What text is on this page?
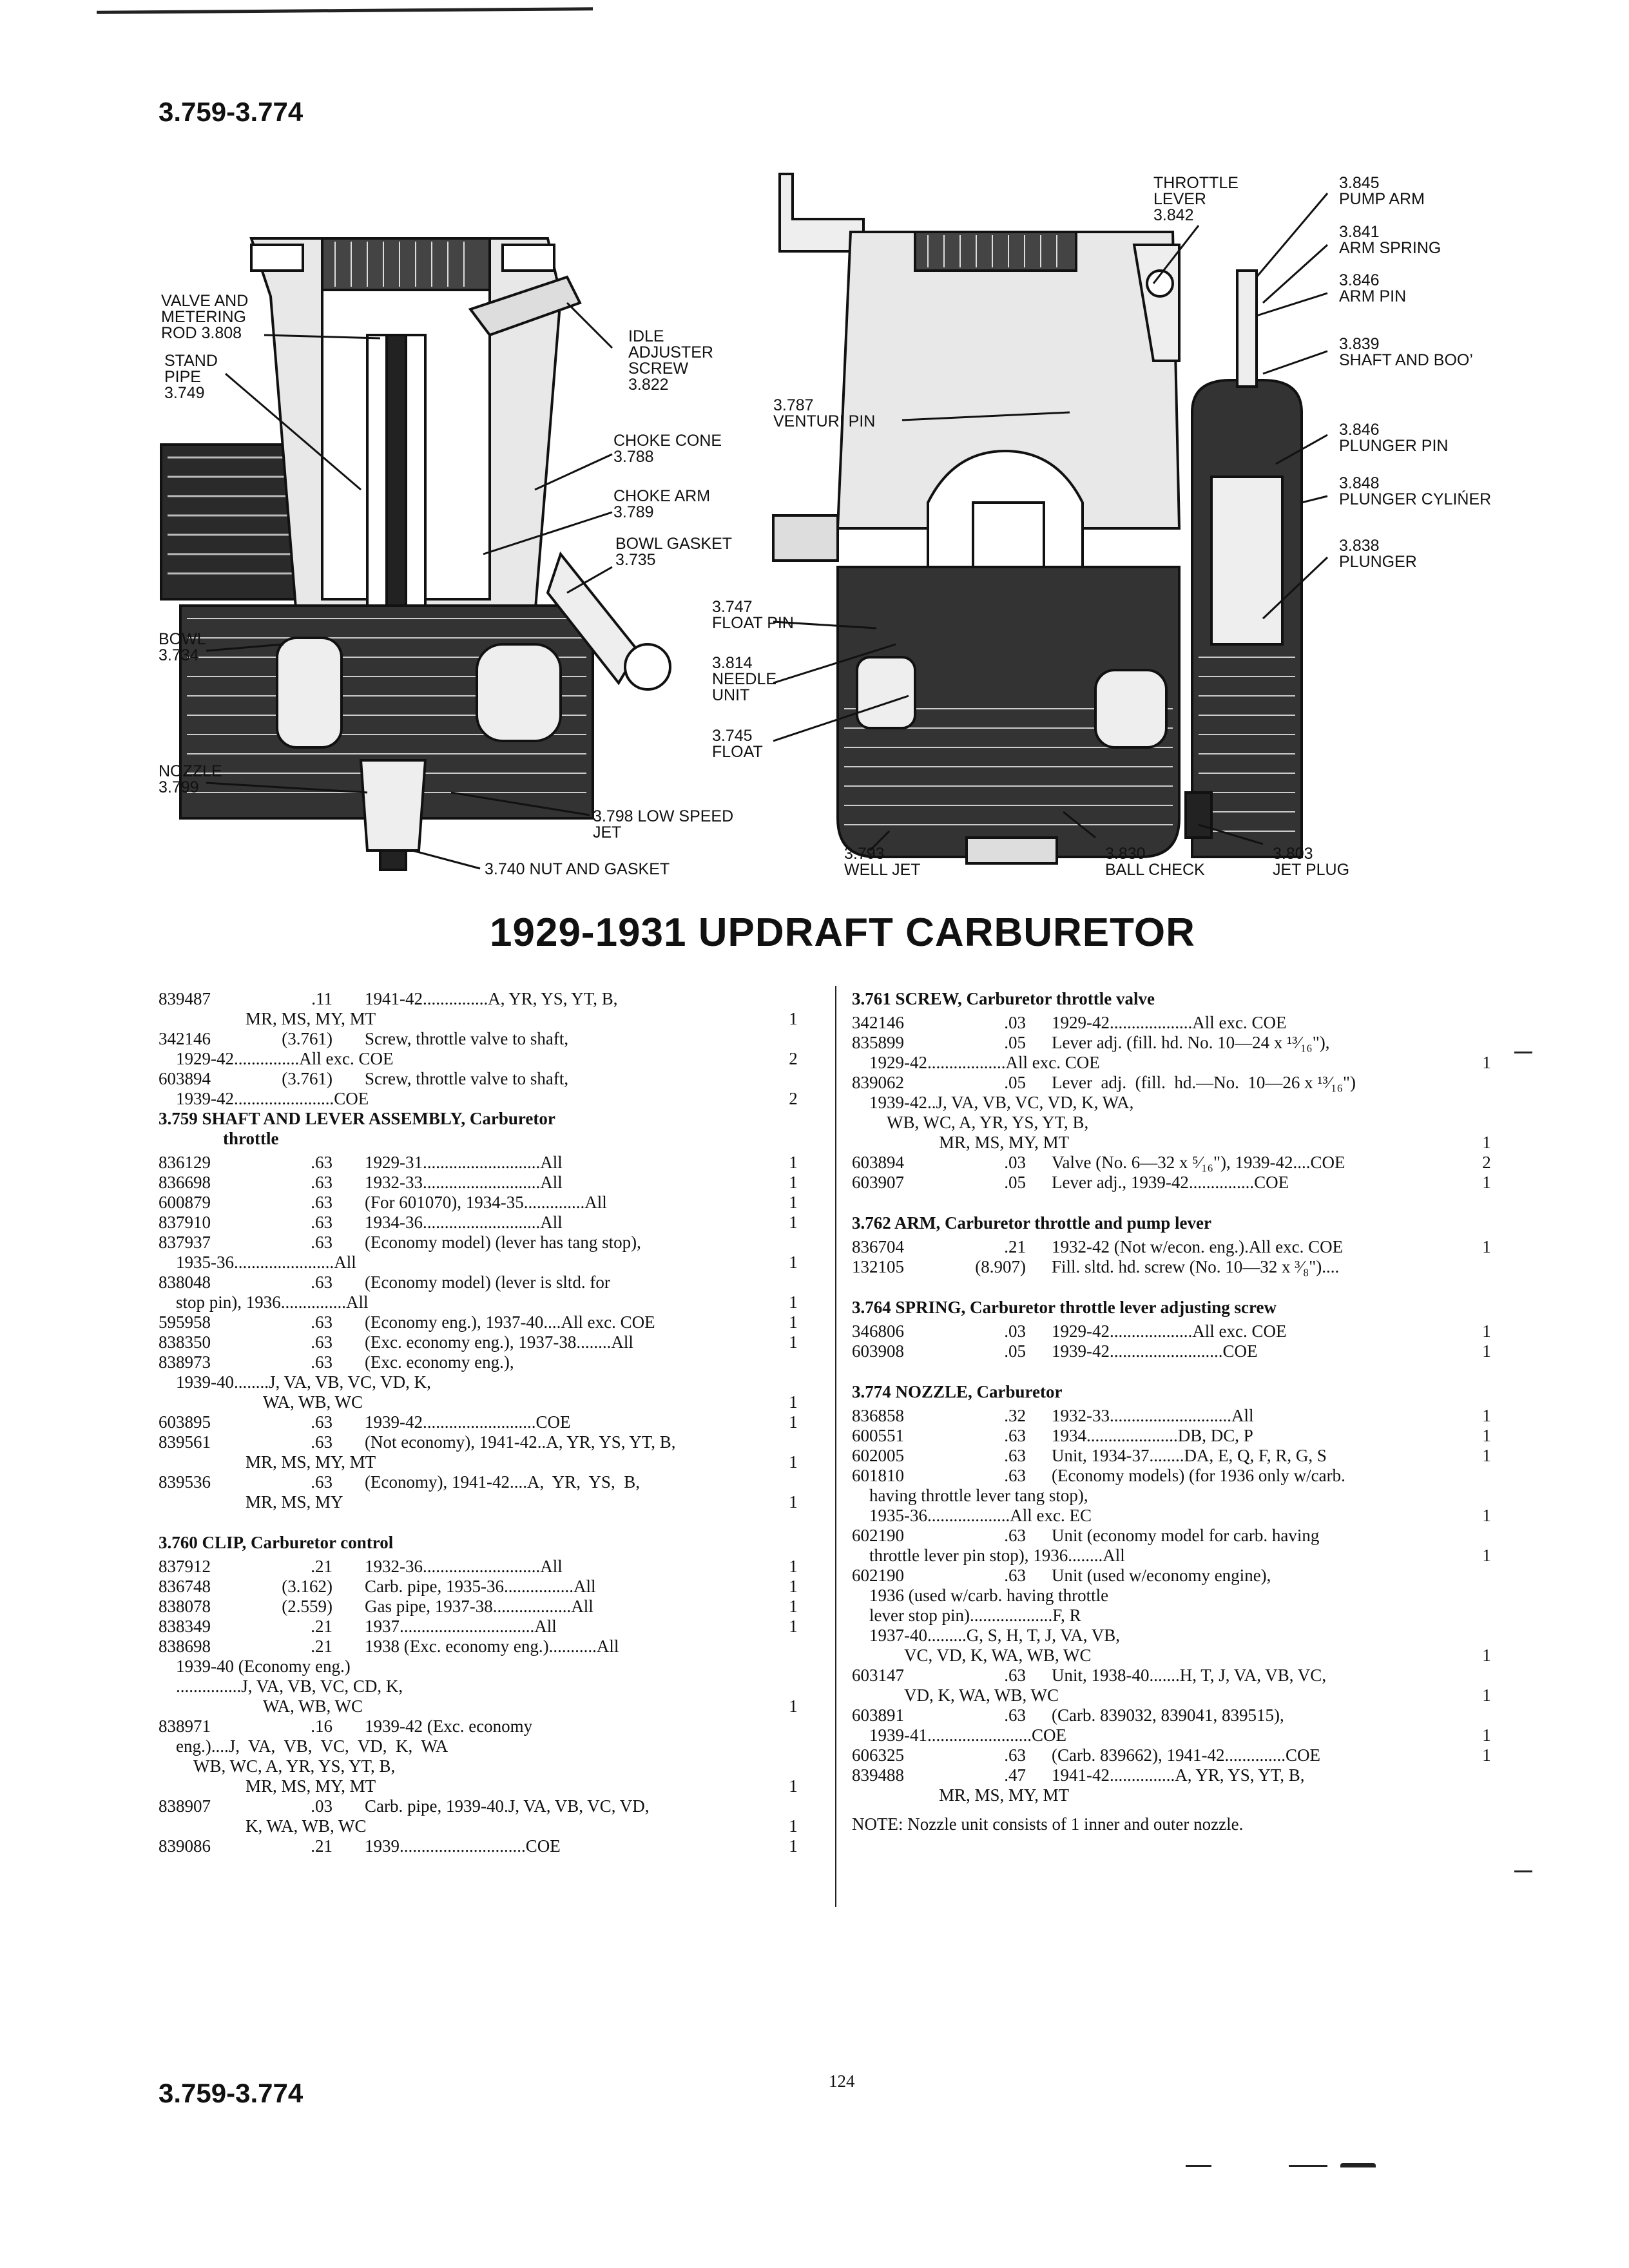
3.759-3.774
VALVE AND
METERING
ROD 3.808
STAND
PIPE
3.749
IDLE
ADJUSTER
SCREW
3.822
CHOKE CONE
3.788
CHOKE ARM
3.789
BOWL GASKET
3.735
BOWL
3.734
NOZZLE
3.799
3.798 LOW SPEED
JET
3.740 NUT AND GASKET
3.787
VENTURI PIN
3.747
FLOAT PIN
3.814
NEEDLE
UNIT
3.745
FLOAT
3.793
WELL JET
3.830
BALL CHECK
3.803
JET PLUG
THROTTLE
LEVER
3.842
3.845
PUMP ARM
3.841
ARM SPRING
3.846
ARM PIN
3.839
SHAFT AND BOO’
3.846
PLUNGER PIN
3.848
PLUNGER CYLIŃER
3.838
PLUNGER
1929-1931 UPDRAFT CARBURETOR
839487	.11 1941-42...............A, YR, YS, YT, B,
MR, MS, MY, MT	1
342146	(3.761) Screw, throttle valve to shaft,
1929-42...............All exc. COE	2
603894	(3.761) Screw, throttle valve to shaft,
1939-42.......................COE	2
3.759 SHAFT AND LEVER ASSEMBLY, Carburetor
throttle
836129	.63 1929-31...........................All	1
836698	.63 1932-33...........................All	1
600879	.63 (For 601070), 1934-35..............All	1
837910	.63 1934-36...........................All	1
837937	.63 (Economy model) (lever has tang stop),
1935-36.......................All	1
838048	.63 (Economy model) (lever is sltd. for
stop pin), 1936...............All	1
595958	.63 (Economy eng.), 1937-40....All exc. COE	1
838350	.63 (Exc. economy eng.), 1937-38........All	1
838973	.63 (Exc. economy eng.),
1939-40........J, VA, VB, VC, VD, K,
WA, WB, WC	1
603895	.63 1939-42..........................COE	1
839561	.63 (Not economy), 1941-42..A, YR, YS, YT, B,
MR, MS, MY, MT	1
839536	.63 (Economy), 1941-42....A,  YR,  YS,  B,
MR, MS, MY	1
3.760 CLIP, Carburetor control
837912	.21 1932-36...........................All	1
836748	(3.162) Carb. pipe, 1935-36................All	1
838078	(2.559) Gas pipe, 1937-38..................All	1
838349	.21 1937...............................All	1
838698	.21 1938 (Exc. economy eng.)...........All
1939-40 (Economy eng.)
...............J, VA, VB, VC, CD, K,
WA, WB, WC	1
838971	.16 1939-42 (Exc. economy
eng.)....J,  VA,  VB,  VC,  VD,  K,  WA
WB, WC, A, YR, YS, YT, B,
MR, MS, MY, MT	1
838907	.03 Carb. pipe, 1939-40.J, VA, VB, VC, VD,
K, WA, WB, WC	1
839086	.21 1939.............................COE	1
3.761 SCREW, Carburetor throttle valve
342146	.03 1929-42...................All exc. COE
835899	.05 Lever adj. (fill. hd. No. 10—24 x ¹³⁄₁₆"),
1929-42..................All exc. COE	1
839062	.05 Lever  adj.  (fill.  hd.—No.  10—26 x ¹³⁄₁₆")
1939-42..J, VA, VB, VC, VD, K, WA,
WB, WC, A, YR, YS, YT, B,
MR, MS, MY, MT	1
603894	.03 Valve (No. 6—32 x ⁵⁄₁₆"), 1939-42....COE	2
603907	.05 Lever adj., 1939-42...............COE	1
3.762 ARM, Carburetor throttle and pump lever
836704	.21 1932-42 (Not w/econ. eng.).All exc. COE	1
132105	(8.907) Fill. sltd. hd. screw (No. 10—32 x ³⁄₈")....
3.764 SPRING, Carburetor throttle lever adjusting screw
346806	.03 1929-42...................All exc. COE	1
603908	.05 1939-42..........................COE	1
3.774 NOZZLE, Carburetor
836858	.32 1932-33............................All	1
600551	.63 1934.....................DB, DC, P	1
602005	.63 Unit, 1934-37........DA, E, Q, F, R, G, S	1
601810	.63 (Economy models) (for 1936 only w/carb.
having throttle lever tang stop),
1935-36...................All exc. EC	1
602190	.63 Unit (economy model for carb. having
throttle lever pin stop), 1936........All	1
602190	.63 Unit (used w/economy engine),
1936 (used w/carb. having throttle
lever stop pin)...................F, R
1937-40.........G, S, H, T, J, VA, VB,
VC, VD, K, WA, WB, WC	1
603147	.63 Unit, 1938-40.......H, T, J, VA, VB, VC,
VD, K, WA, WB, WC	1
603891	.63 (Carb. 839032, 839041, 839515),
1939-41........................COE	1
606325	.63 (Carb. 839662), 1941-42..............COE	1
839488	.47 1941-42...............A, YR, YS, YT, B,
MR, MS, MY, MT
NOTE: Nozzle unit consists of 1 inner and outer nozzle.
3.759-3.774	124
